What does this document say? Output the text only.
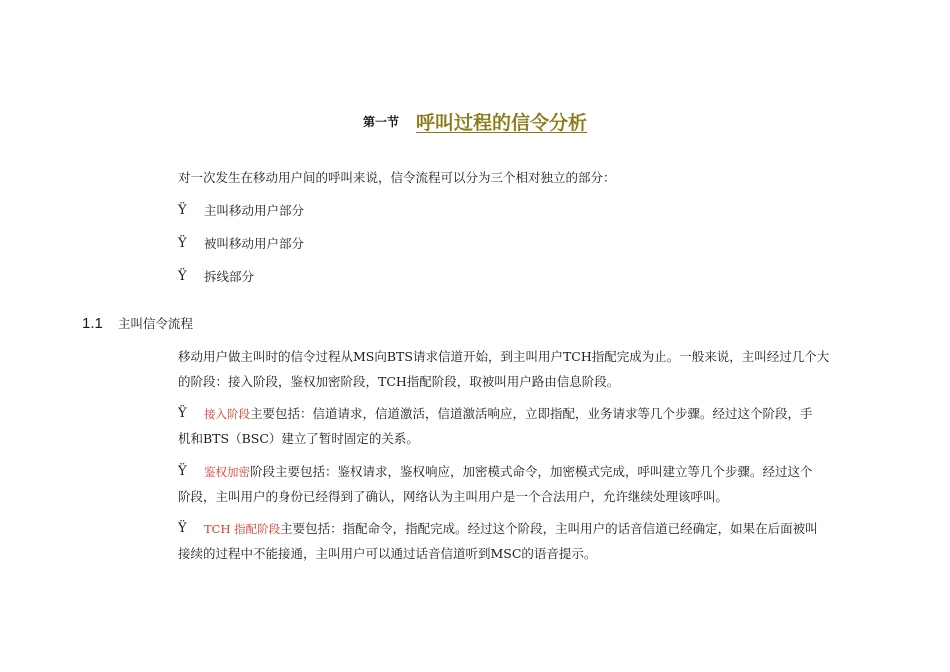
第一节 呼叫过程的信令分析
对一次发生在移动用户间的呼叫来说，信令流程可以分为三个相对独立的部分：
Ÿ 主叫移动用户部分
Ÿ 被叫移动用户部分
Ÿ 拆线部分
1.1 主叫信令流程
移动用户做主叫时的信令过程从MS向BTS请求信道开始，到主叫用户TCH指配完成为止。一般来说，主叫经过几个大
的阶段：接入阶段，鉴权加密阶段，TCH指配阶段，取被叫用户路由信息阶段。
Ÿ 接入阶段主要包括：信道请求，信道激活，信道激活响应，立即指配，业务请求等几个步骤。经过这个阶段，手
机和BTS（BSC）建立了暂时固定的关系。
Ÿ 鉴权加密阶段主要包括：鉴权请求，鉴权响应，加密模式命令，加密模式完成，呼叫建立等几个步骤。经过这个
阶段，主叫用户的身份已经得到了确认，网络认为主叫用户是一个合法用户，允许继续处理该呼叫。
Ÿ TCH 指配阶段主要包括：指配命令，指配完成。经过这个阶段，主叫用户的话音信道已经确定，如果在后面被叫
接续的过程中不能接通，主叫用户可以通过话音信道听到MSC的语音提示。
